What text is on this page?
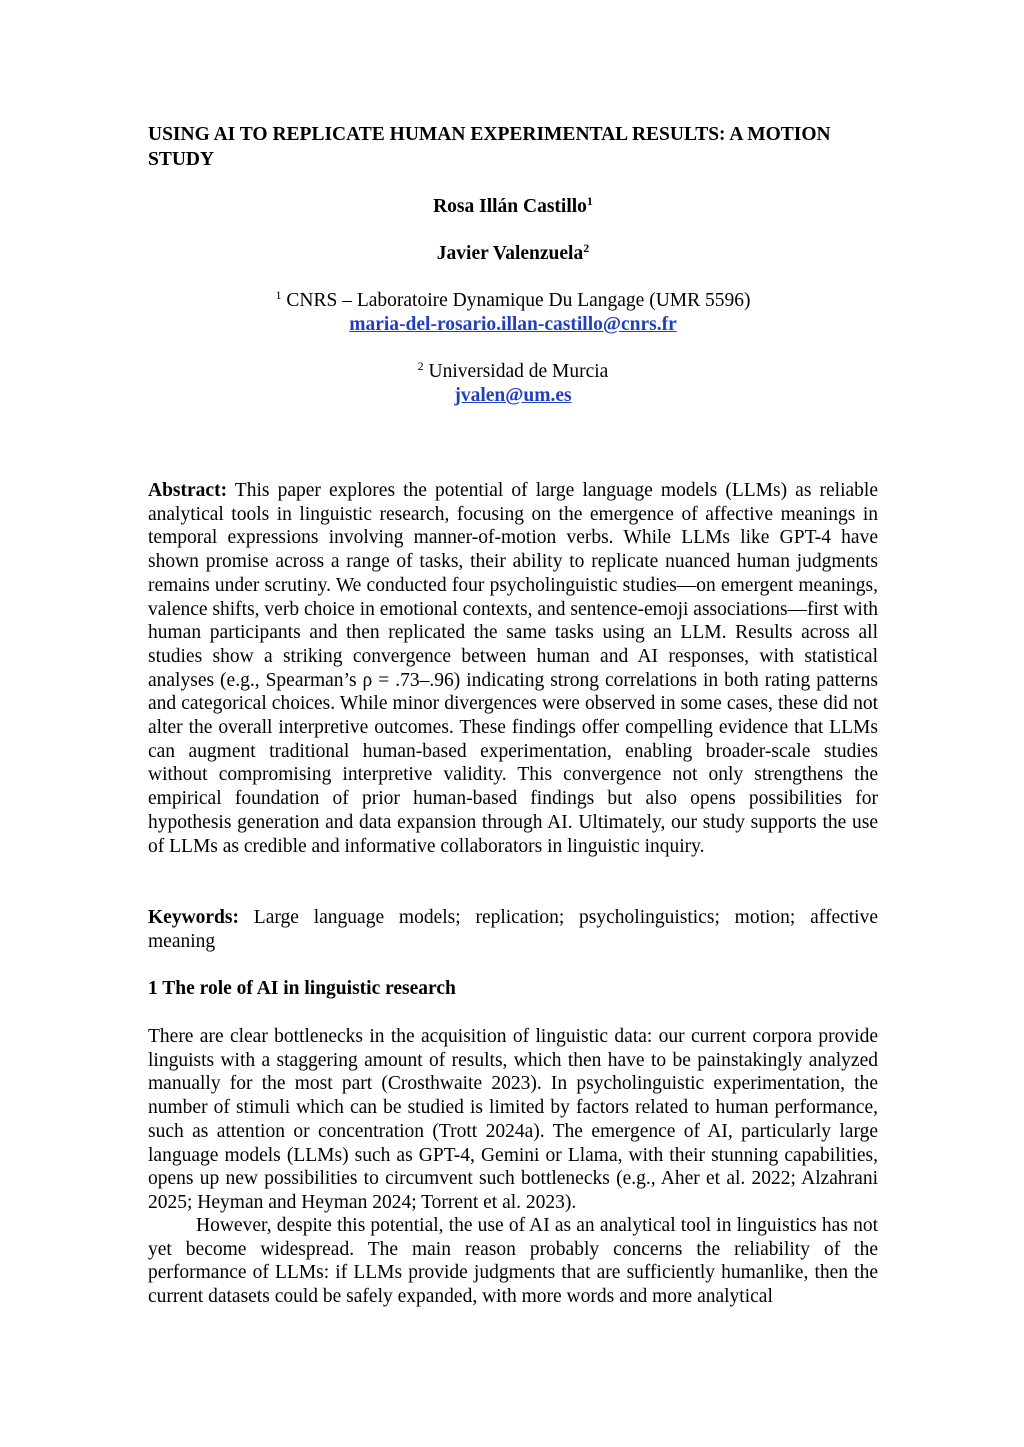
USING AI TO REPLICATE HUMAN EXPERIMENTAL RESULTS: A MOTION STUDY
Rosa Illán Castillo$^1$
Javier Valenzuela$^2$
$^1$ CNRS – Laboratoire Dynamique Du Langage (UMR 5596)
maria-del-rosario.illan-castillo@cnrs.fr
$^2$ Universidad de Murcia
jvalen@um.es

Abstract: This paper explores the potential of large language models (LLMs) as reliable analytical tools in linguistic research, focusing on the emergence of affective meanings in temporal expressions involving manner-of-motion verbs. While LLMs like GPT-4 have shown promise across a range of tasks, their ability to replicate nuanced human judgments remains under scrutiny. We conducted four psycholinguistic studies—on emergent meanings, valence shifts, verb choice in emotional contexts, and sentence-emoji associations—first with human participants and then replicated the same tasks using an LLM. Results across all studies show a striking convergence between human and AI responses, with statistical analyses (e.g., Spearman’s ρ = .73–.96) indicating strong correlations in both rating patterns and categorical choices. While minor divergences were observed in some cases, these did not alter the overall interpretive outcomes. These findings offer compelling evidence that LLMs can augment traditional human-based experimentation, enabling broader-scale studies without compromising interpretive validity. This convergence not only strengthens the empirical foundation of prior human-based findings but also opens possibilities for hypothesis generation and data expansion through AI. Ultimately, our study supports the use of LLMs as credible and informative collaborators in linguistic inquiry.

Keywords: Large language models; replication; psycholinguistics; motion; affective meaning

1 The role of AI in linguistic research

There are clear bottlenecks in the acquisition of linguistic data: our current corpora provide linguists with a staggering amount of results, which then have to be painstakingly analyzed manually for the most part (Crosthwaite 2023). In psycholinguistic experimentation, the number of stimuli which can be studied is limited by factors related to human performance, such as attention or concentration (Trott 2024a). The emergence of AI, particularly large language models (LLMs) such as GPT-4, Gemini or Llama, with their stunning capabilities, opens up new possibilities to circumvent such bottlenecks (e.g., Aher et al. 2022; Alzahrani 2025; Heyman and Heyman 2024; Torrent et al. 2023).

However, despite this potential, the use of AI as an analytical tool in linguistics has not yet become widespread. The main reason probably concerns the reliability of the performance of LLMs: if LLMs provide judgments that are sufficiently humanlike, then the current datasets could be safely expanded, with more words and more analytical
